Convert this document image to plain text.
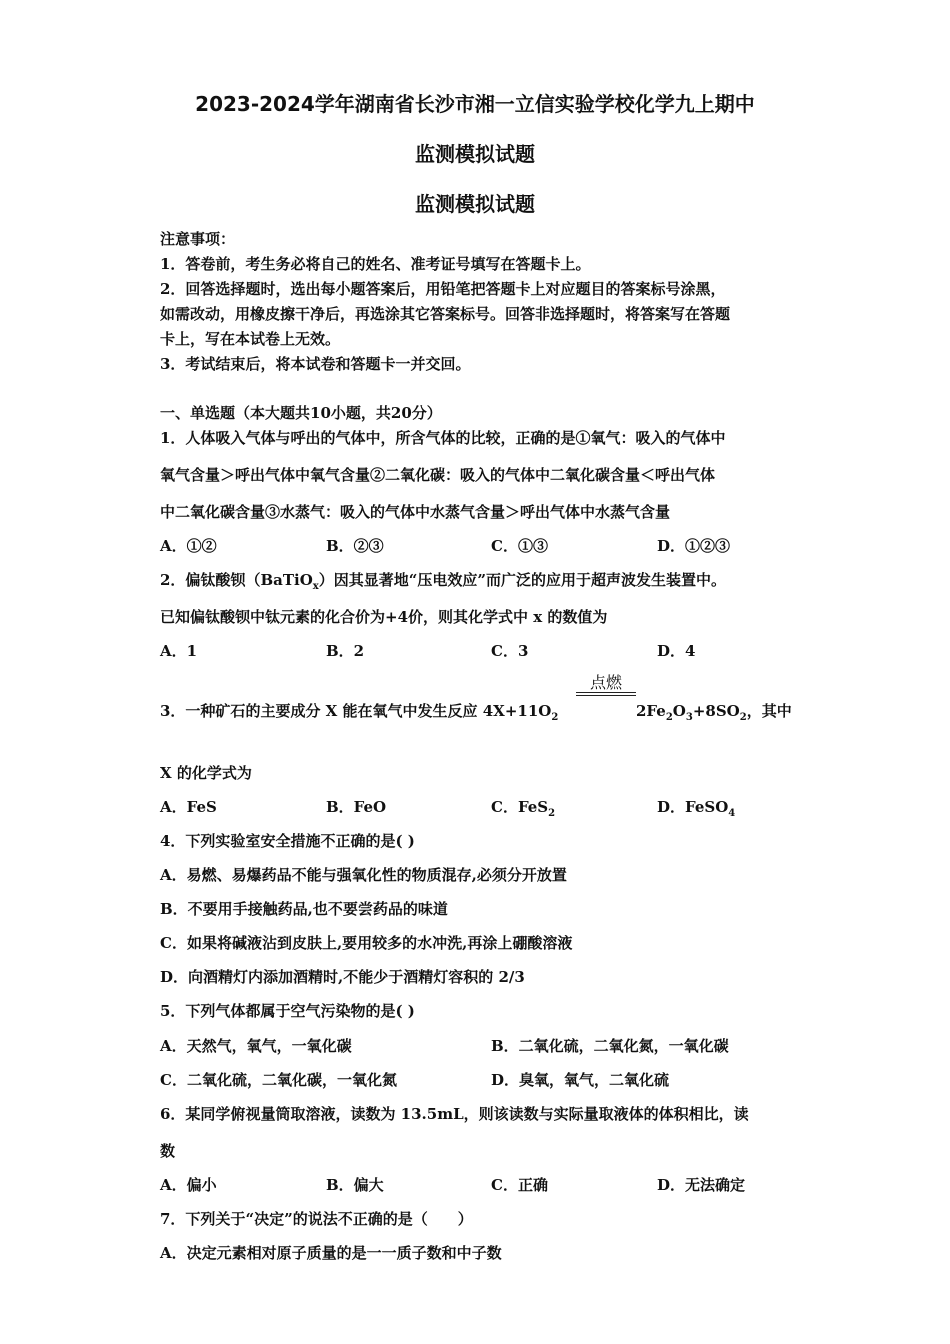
2023-2024学年湖南省长沙市湘一立信实验学校化学九上期中
监测模拟试题
监测模拟试题
注意事项：
1．答卷前，考生务必将自己的姓名、准考证号填写在答题卡上。
2．回答选择题时，选出每小题答案后，用铅笔把答题卡上对应题目的答案标号涂黑，
如需改动，用橡皮擦干净后，再选涂其它答案标号。回答非选择题时，将答案写在答题
卡上，写在本试卷上无效。
3．考试结束后，将本试卷和答题卡一并交回。
一、单选题（本大题共10小题，共20分）
1．人体吸入气体与呼出的气体中，所含气体的比较，正确的是①氧气：吸入的气体中
氧气含量＞呼出气体中氧气含量②二氧化碳：吸入的气体中二氧化碳含量＜呼出气体
中二氧化碳含量③水蒸气：吸入的气体中水蒸气含量＞呼出气体中水蒸气含量
A．①②	B．②③	C．①③	D．①②③
2．偏钛酸钡（BaTiO$_x$）因其显著地“压电效应”而广泛的应用于超声波发生装置中。
已知偏钛酸钡中钛元素的化合价为+4价，则其化学式中 x 的数值为
A．1	B．2	C．3	D．4
3．一种矿石的主要成分 X 能在氧气中发生反应 $4X+11O_2$
点燃
$2Fe_2O_3+8SO_2$，其中
X 的化学式为
A．FeS	B．FeO	C．FeS$_2$	D．FeSO$_4$
4．下列实验室安全措施不正确的是( )
A．易燃、易爆药品不能与强氧化性的物质混存,必须分开放置
B．不要用手接触药品,也不要尝药品的味道
C．如果将碱液沾到皮肤上,要用较多的水冲洗,再涂上硼酸溶液
D．向酒精灯内添加酒精时,不能少于酒精灯容积的 2/3
5．下列气体都属于空气污染物的是( )
A．天然气，氧气，一氧化碳	B．二氧化硫，二氧化氮，一氧化碳
C．二氧化硫，二氧化碳，一氧化氮	D．臭氧，氧气，二氧化硫
6．某同学俯视量筒取溶液，读数为 13.5mL，则该读数与实际量取液体的体积相比，读
数
A．偏小	B．偏大	C．正确	D．无法确定
7．下列关于“决定”的说法不正确的是（　　）
A．决定元素相对原子质量的是一一质子数和中子数
